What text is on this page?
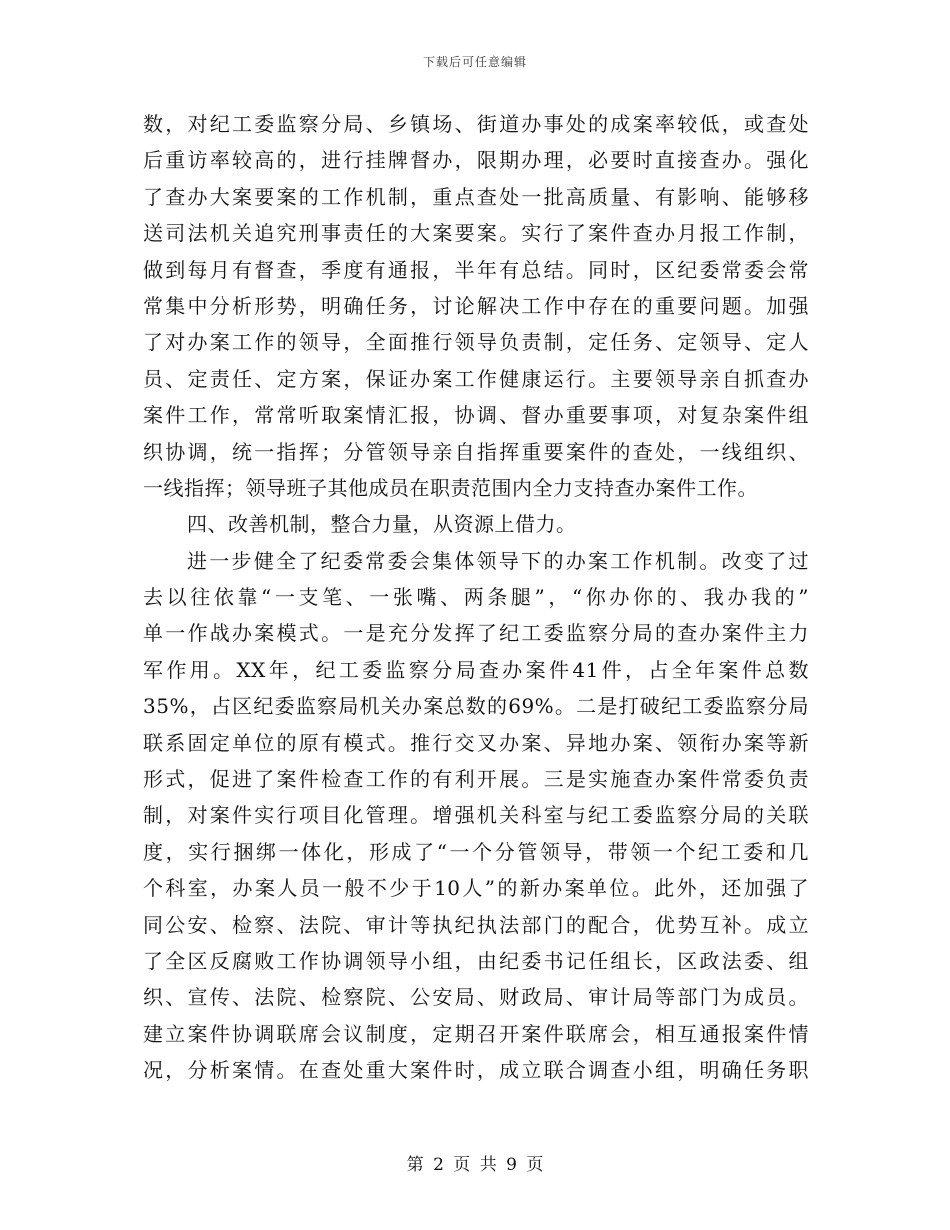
下载后可任意编辑
数，对纪工委监察分局、乡镇场、街道办事处的成案率较低，或查处
后重访率较高的，进行挂牌督办，限期办理，必要时直接查办。强化
了查办大案要案的工作机制，重点查处一批高质量、有影响、能够移
送司法机关追究刑事责任的大案要案。实行了案件查办月报工作制，
做到每月有督查，季度有通报，半年有总结。同时，区纪委常委会常
常集中分析形势，明确任务，讨论解决工作中存在的重要问题。加强
了对办案工作的领导，全面推行领导负责制，定任务、定领导、定人
员、定责任、定方案，保证办案工作健康运行。主要领导亲自抓查办
案件工作，常常听取案情汇报，协调、督办重要事项，对复杂案件组
织协调，统一指挥；分管领导亲自指挥重要案件的查处，一线组织、
一线指挥；领导班子其他成员在职责范围内全力支持查办案件工作。
四、改善机制，整合力量，从资源上借力。
进一步健全了纪委常委会集体领导下的办案工作机制。改变了过
去以往依靠“一支笔、一张嘴、两条腿”，“你办你的、我办我的”
单一作战办案模式。一是充分发挥了纪工委监察分局的查办案件主力
军作用。XX年，纪工委监察分局查办案件41件，占全年案件总数
35%，占区纪委监察局机关办案总数的69%。二是打破纪工委监察分局
联系固定单位的原有模式。推行交叉办案、异地办案、领衔办案等新
形式，促进了案件检查工作的有利开展。三是实施查办案件常委负责
制，对案件实行项目化管理。增强机关科室与纪工委监察分局的关联
度，实行捆绑一体化，形成了“一个分管领导，带领一个纪工委和几
个科室，办案人员一般不少于10人”的新办案单位。此外，还加强了
同公安、检察、法院、审计等执纪执法部门的配合，优势互补。成立
了全区反腐败工作协调领导小组，由纪委书记任组长，区政法委、组
织、宣传、法院、检察院、公安局、财政局、审计局等部门为成员。
建立案件协调联席会议制度，定期召开案件联席会，相互通报案件情
况，分析案情。在查处重大案件时，成立联合调查小组，明确任务职
第 2 页 共 9 页
